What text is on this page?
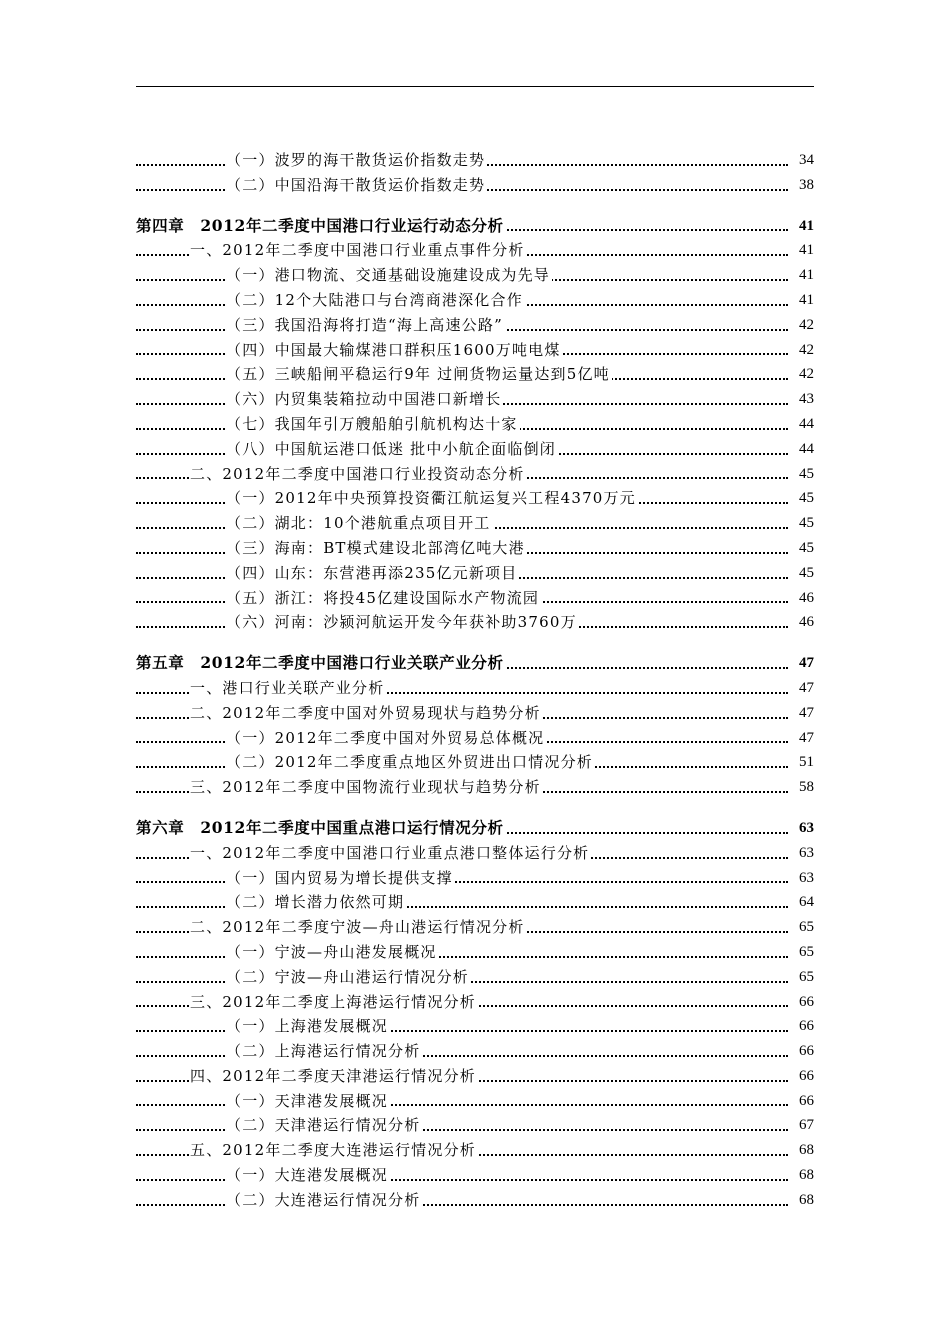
（一）波罗的海干散货运价指数走势	34
（二）中国沿海干散货运价指数走势	38
第四章　2012年二季度中国港口行业运行动态分析	41
一、2012年二季度中国港口行业重点事件分析	41
（一）港口物流、交通基础设施建设成为先导	41
（二）12个大陆港口与台湾商港深化合作	41
（三）我国沿海将打造“海上高速公路”	42
（四）中国最大输煤港口群积压1600万吨电煤	42
（五）三峡船闸平稳运行9年 过闸货物运量达到5亿吨	42
（六）内贸集装箱拉动中国港口新增长	43
（七）我国年引万艘船舶引航机构达十家	44
（八）中国航运港口低迷 批中小航企面临倒闭	44
二、2012年二季度中国港口行业投资动态分析	45
（一）2012年中央预算投资衢江航运复兴工程4370万元	45
（二）湖北：10个港航重点项目开工	45
（三）海南：BT模式建设北部湾亿吨大港	45
（四）山东：东营港再添235亿元新项目	45
（五）浙江：将投45亿建设国际水产物流园	46
（六）河南：沙颍河航运开发今年获补助3760万	46
第五章　2012年二季度中国港口行业关联产业分析	47
一、港口行业关联产业分析	47
二、2012年二季度中国对外贸易现状与趋势分析	47
（一）2012年二季度中国对外贸易总体概况	47
（二）2012年二季度重点地区外贸进出口情况分析	51
三、2012年二季度中国物流行业现状与趋势分析	58
第六章　2012年二季度中国重点港口运行情况分析	63
一、2012年二季度中国港口行业重点港口整体运行分析	63
（一）国内贸易为增长提供支撑	63
（二）增长潜力依然可期	64
二、2012年二季度宁波—舟山港运行情况分析	65
（一）宁波—舟山港发展概况	65
（二）宁波—舟山港运行情况分析	65
三、2012年二季度上海港运行情况分析	66
（一）上海港发展概况	66
（二）上海港运行情况分析	66
四、2012年二季度天津港运行情况分析	66
（一）天津港发展概况	66
（二）天津港运行情况分析	67
五、2012年二季度大连港运行情况分析	68
（一）大连港发展概况	68
（二）大连港运行情况分析	68
